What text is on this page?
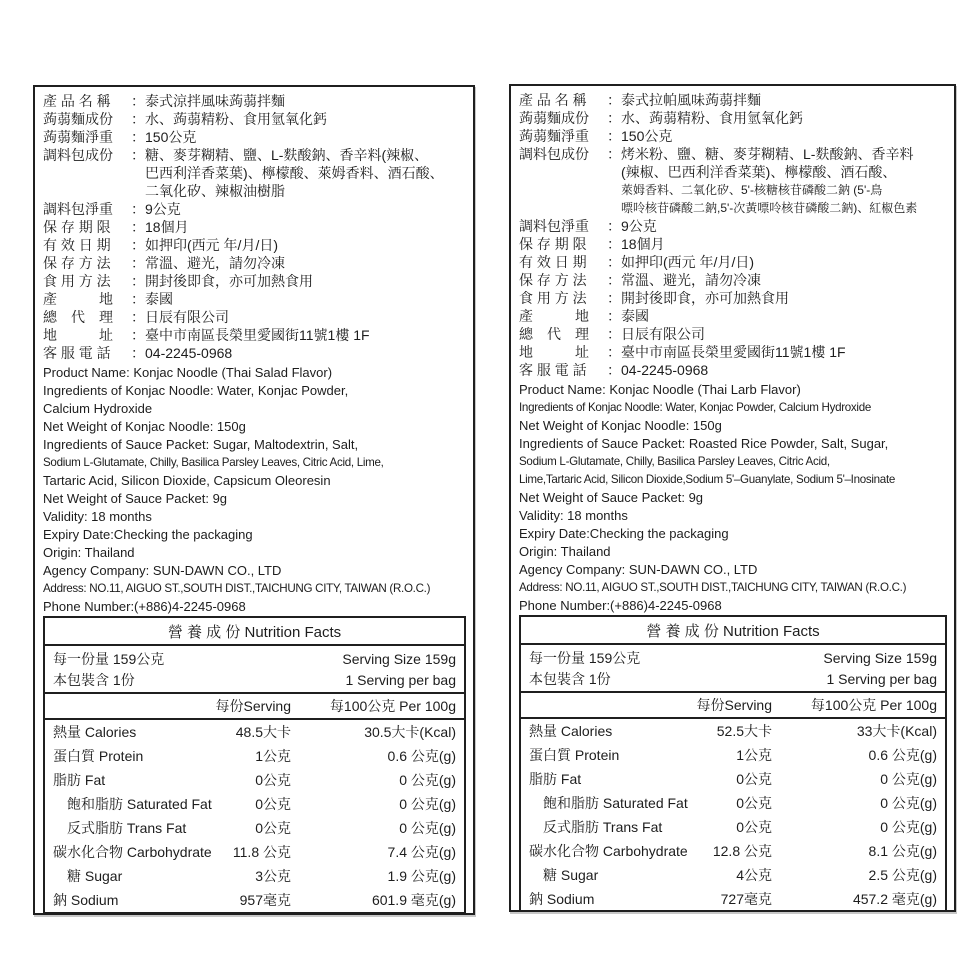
產 品 名 稱	： 泰式涼拌風味蒟蒻拌麵
蒟蒻麵成份	： 水、蒟蒻精粉、食用氫氧化鈣
蒟蒻麵淨重	： 150公克
調料包成份	： 糖、麥芽糊精、鹽、L-麩酸鈉、香辛料(辣椒、
巴西利洋香菜葉)、檸檬酸、萊姆香料、酒石酸、
二氧化矽、辣椒油樹脂
調料包淨重	： 9公克
保 存 期 限	： 18個月
有 效 日 期	： 如押印(西元 年/月/日)
保 存 方 法	： 常溫、避光，請勿冷凍
食 用 方 法	： 開封後即食，亦可加熱食用
產　　　地	： 泰國
總　代　理	： 日辰有限公司
地　　　址	： 臺中市南區長榮里愛國街11號1樓 1F
客 服 電 話	： 04-2245-0968
Product Name: Konjac Noodle (Thai Salad Flavor)
Ingredients of Konjac Noodle: Water, Konjac Powder,
Calcium Hydroxide
Net Weight of Konjac Noodle: 150g
Ingredients of Sauce Packet: Sugar, Maltodextrin, Salt,
Sodium L-Glutamate, Chilly, Basilica Parsley Leaves, Citric Acid, Lime,
Tartaric Acid, Silicon Dioxide, Capsicum Oleoresin
Net Weight of Sauce Packet: 9g
Validity: 18 months
Expiry Date:Checking the packaging
Origin: Thailand
Agency Company: SUN-DAWN CO., LTD
Address: NO.11, AIGUO ST.,SOUTH DIST.,TAICHUNG CITY, TAIWAN (R.O.C.)
Phone Number:(+886)4-2245-0968
營 養 成 份 Nutrition Facts
每一份量 159公克	Serving Size 159g
本包裝含 1份	1 Serving per bag
每份Serving	每100公克 Per 100g
熱量 Calories	48.5大卡	30.5大卡(Kcal)
蛋白質 Protein	1公克	0.6 公克(g)
脂肪 Fat	0公克	0 公克(g)
飽和脂肪 Saturated Fat	0公克	0 公克(g)
反式脂肪 Trans Fat	0公克	0 公克(g)
碳水化合物 Carbohydrate	11.8 公克	7.4 公克(g)
糖 Sugar	3公克	1.9 公克(g)
鈉 Sodium	957毫克	601.9 毫克(g)
產 品 名 稱	： 泰式拉帕風味蒟蒻拌麵
蒟蒻麵成份	： 水、蒟蒻精粉、食用氫氧化鈣
蒟蒻麵淨重	： 150公克
調料包成份	： 烤米粉、鹽、糖、麥芽糊精、L-麩酸鈉、香辛料
(辣椒、巴西利洋香菜葉)、檸檬酸、酒石酸、
萊姆香料、二氧化矽、5'-核糖核苷磷酸二鈉 (5'-鳥
嘌呤核苷磷酸二鈉,5'-次黃嘌呤核苷磷酸二鈉)、紅椒色素
調料包淨重	： 9公克
保 存 期 限	： 18個月
有 效 日 期	： 如押印(西元 年/月/日)
保 存 方 法	： 常溫、避光，請勿冷凍
食 用 方 法	： 開封後即食，亦可加熱食用
產　　　地	： 泰國
總　代　理	： 日辰有限公司
地　　　址	： 臺中市南區長榮里愛國街11號1樓 1F
客 服 電 話	： 04-2245-0968
Product Name: Konjac Noodle (Thai Larb Flavor)
Ingredients of Konjac Noodle: Water, Konjac Powder, Calcium Hydroxide
Net Weight of Konjac Noodle: 150g
Ingredients of Sauce Packet: Roasted Rice Powder, Salt, Sugar,
Sodium L-Glutamate, Chilly, Basilica Parsley Leaves, Citric Acid,
Lime,Tartaric Acid, Silicon Dioxide,Sodium 5'–Guanylate, Sodium 5'–Inosinate
Net Weight of Sauce Packet: 9g
Validity: 18 months
Expiry Date:Checking the packaging
Origin: Thailand
Agency Company: SUN-DAWN CO., LTD
Address: NO.11, AIGUO ST.,SOUTH DIST.,TAICHUNG CITY, TAIWAN (R.O.C.)
Phone Number:(+886)4-2245-0968
營 養 成 份 Nutrition Facts
每一份量 159公克	Serving Size 159g
本包裝含 1份	1 Serving per bag
每份Serving	每100公克 Per 100g
熱量 Calories	52.5大卡	33大卡(Kcal)
蛋白質 Protein	1公克	0.6 公克(g)
脂肪 Fat	0公克	0 公克(g)
飽和脂肪 Saturated Fat	0公克	0 公克(g)
反式脂肪 Trans Fat	0公克	0 公克(g)
碳水化合物 Carbohydrate	12.8 公克	8.1 公克(g)
糖 Sugar	4公克	2.5 公克(g)
鈉 Sodium	727毫克	457.2 毫克(g)
